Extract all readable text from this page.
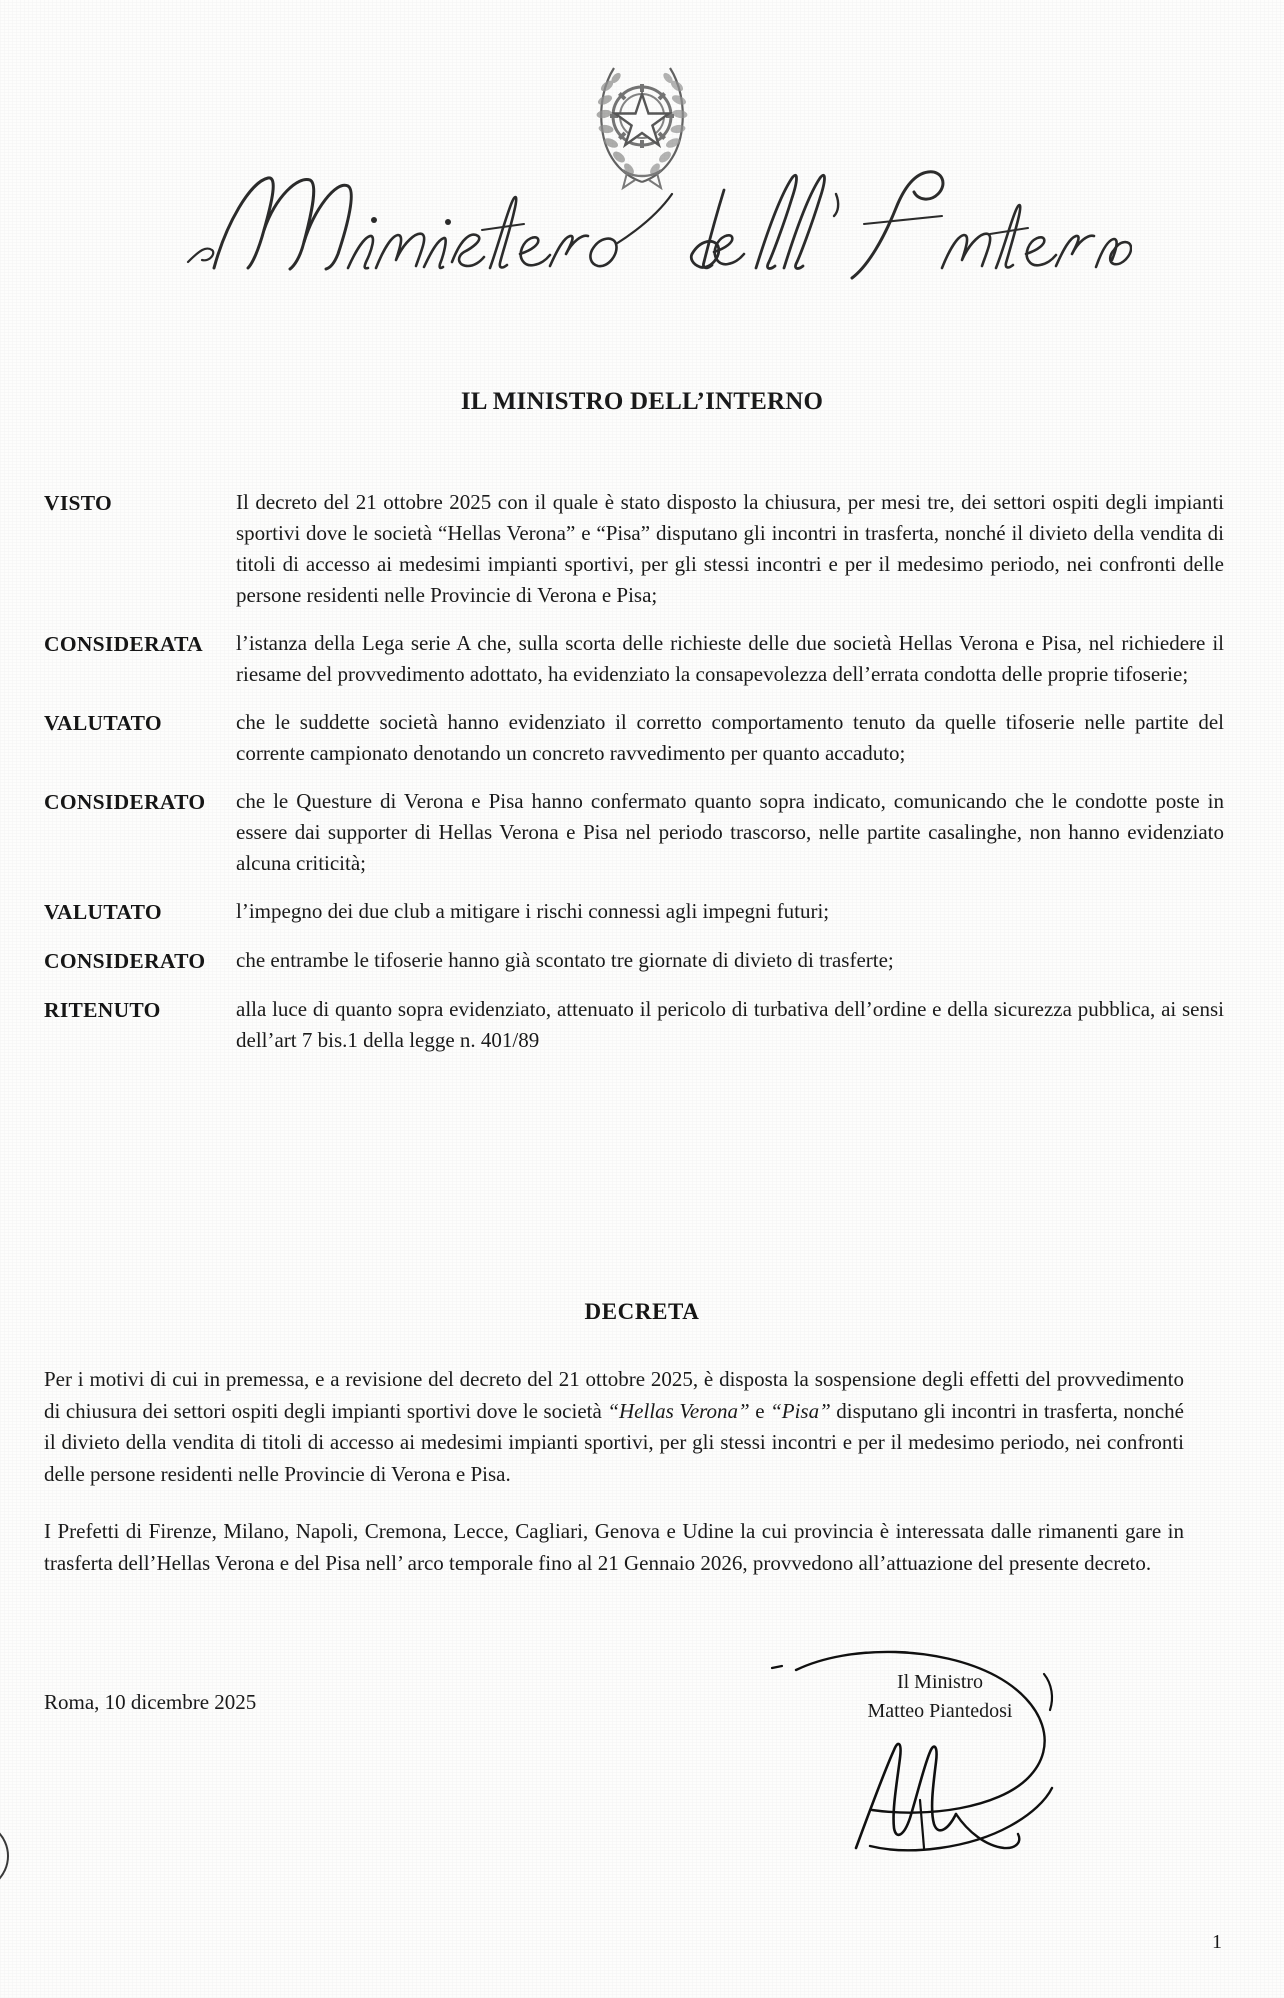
IL MINISTRO DELL’INTERNO
VISTO	Il decreto del 21 ottobre 2025 con il quale è stato disposto la chiusura, per mesi tre, dei settori ospiti degli impianti sportivi dove le società “Hellas Verona” e “Pisa” disputano gli incontri in trasferta, nonché il divieto della vendita di titoli di accesso ai medesimi impianti sportivi, per gli stessi incontri e per il medesimo periodo, nei confronti delle persone residenti nelle Provincie di Verona e Pisa;
CONSIDERATA	l’istanza della Lega serie A che, sulla scorta delle richieste delle due società Hellas Verona e Pisa, nel richiedere il riesame del provvedimento adottato, ha evidenziato la consapevolezza dell’errata condotta delle proprie tifoserie;
VALUTATO	che le suddette società hanno evidenziato il corretto comportamento tenuto da quelle tifoserie nelle partite del corrente campionato denotando un concreto ravvedimento per quanto accaduto;
CONSIDERATO	che le Questure di Verona e Pisa hanno confermato quanto sopra indicato, comunicando che le condotte poste in essere dai supporter di Hellas Verona e Pisa nel periodo trascorso, nelle partite casalinghe, non hanno evidenziato alcuna criticità;
VALUTATO	l’impegno dei due club a mitigare i rischi connessi agli impegni futuri;
CONSIDERATO	che entrambe le tifoserie hanno già scontato tre giornate di divieto di trasferte;
RITENUTO	alla luce di quanto sopra evidenziato, attenuato il pericolo di turbativa dell’ordine e della sicurezza pubblica, ai sensi dell’art 7 bis.1 della legge n. 401/89
DECRETA

Per i motivi di cui in premessa, e a revisione del decreto del 21 ottobre 2025, è disposta la sospensione degli effetti del provvedimento di chiusura dei settori ospiti degli impianti sportivi dove le società “Hellas Verona” e “Pisa” disputano gli incontri in trasferta, nonché il divieto della vendita di titoli di accesso ai medesimi impianti sportivi, per gli stessi incontri e per il medesimo periodo, nei confronti delle persone residenti nelle Provincie di Verona e Pisa.

I Prefetti di Firenze, Milano, Napoli, Cremona, Lecce, Cagliari, Genova e Udine la cui provincia è interessata dalle rimanenti gare in trasferta dell’Hellas Verona e del Pisa nell’ arco temporale fino al 21 Gennaio 2026, provvedono all’attuazione del presente decreto.

Roma, 10 dicembre 2025
Il Ministro
Matteo Piantedosi
1
